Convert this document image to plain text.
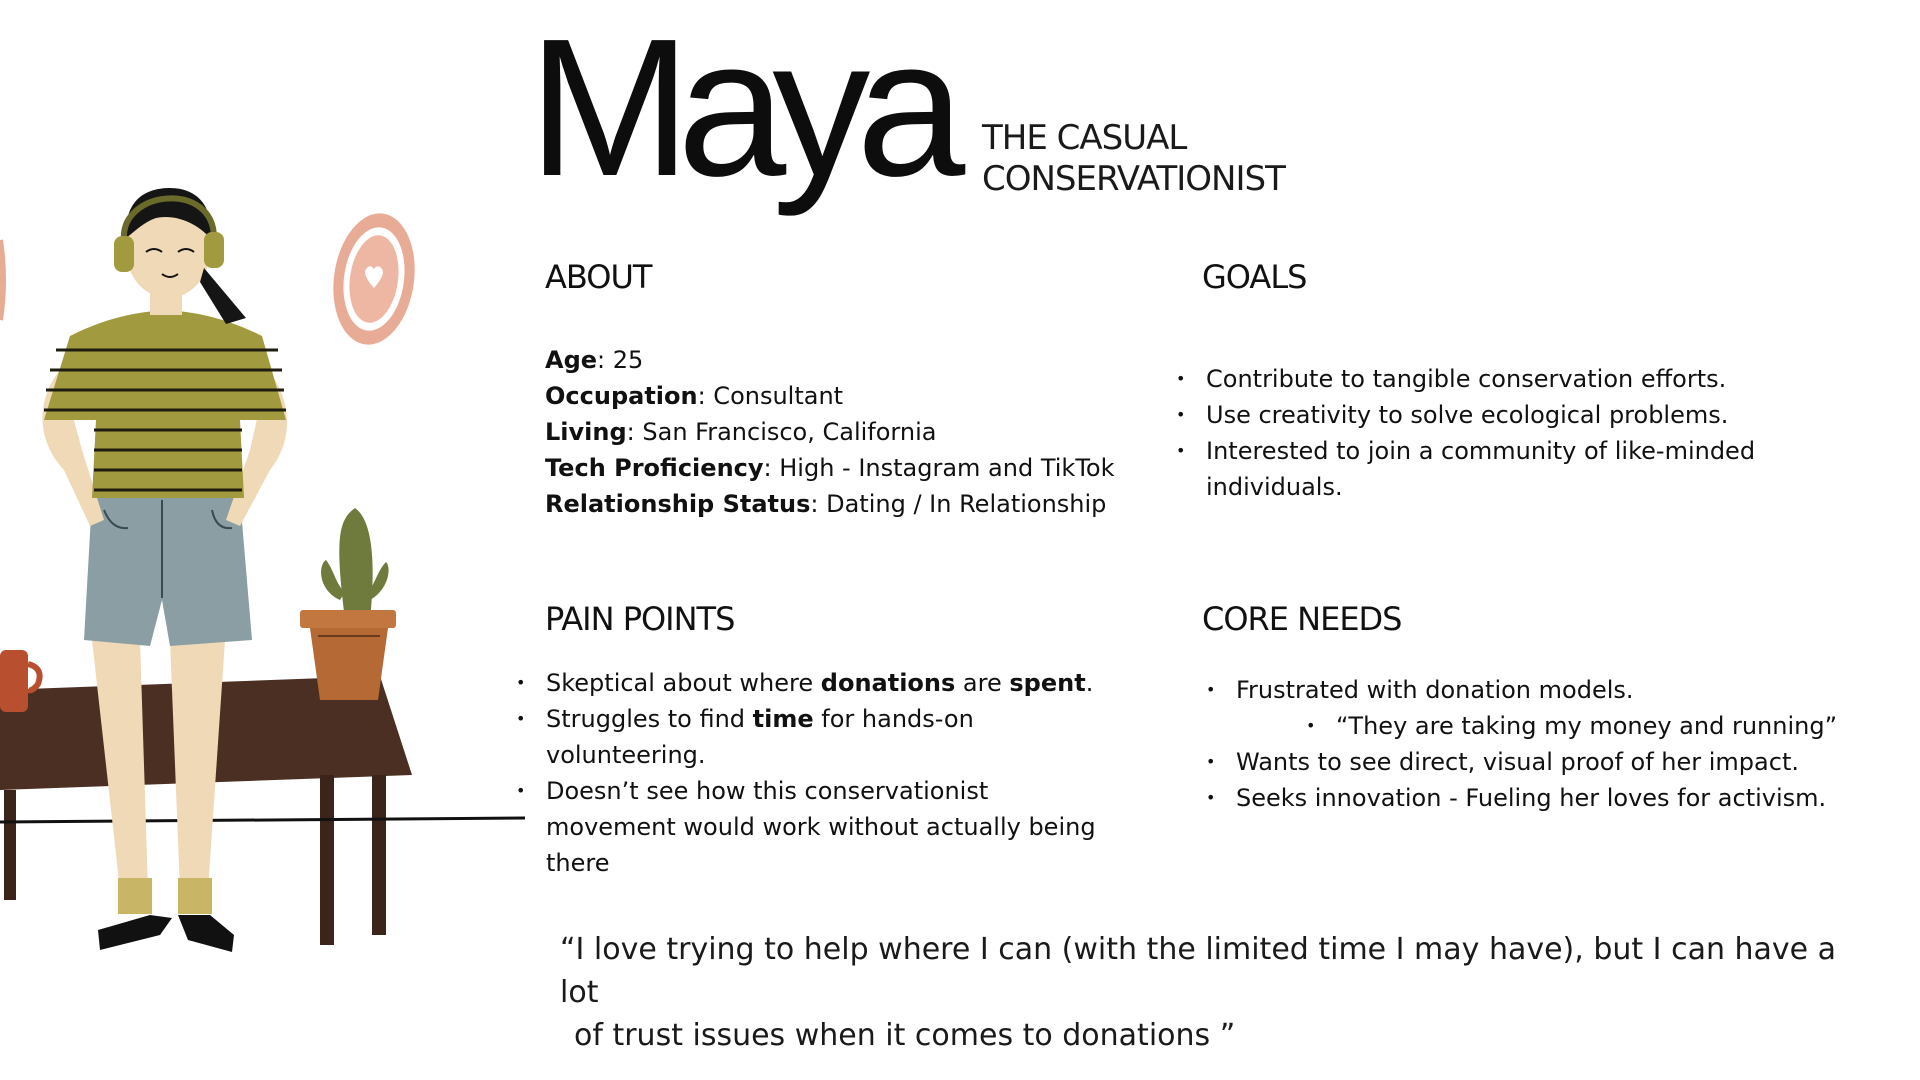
Maya THE CASUAL
CONSERVATIONIST
ABOUT
Age: 25
Occupation: Consultant
Living: San Francisco, California
Tech Proficiency: High - Instagram and TikTok
Relationship Status: Dating / In Relationship
GOALS
• Contribute to tangible conservation efforts.
• Use creativity to solve ecological problems.
• Interested to join a community of like-minded individuals.
PAIN POINTS
• Skeptical about where donations are spent.
• Struggles to find time for hands-on volunteering.
• Doesn’t see how this conservationist movement would work without actually being there
CORE NEEDS
• Frustrated with donation models.
• “They are taking my money and running”
• Wants to see direct, visual proof of her impact.
• Seeks innovation - Fueling her loves for activism.
“I love trying to help where I can (with the limited time I may have), but I can have a lot
of trust issues when it comes to donations ”
